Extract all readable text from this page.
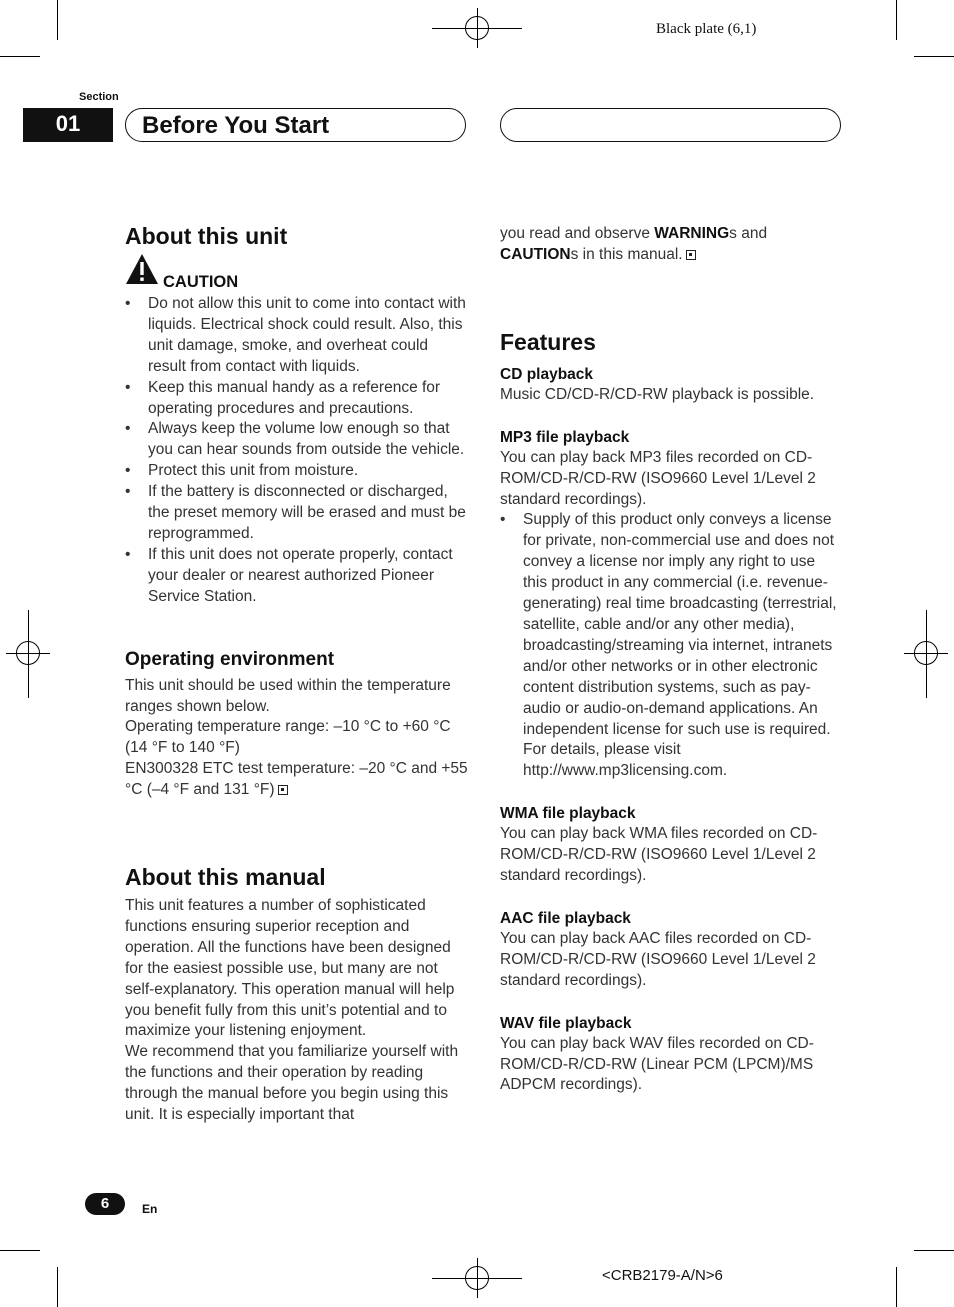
Black plate (6,1)
Section
01	Before You Start
About this unit
CAUTION
• Do not allow this unit to come into contact with liquids. Electrical shock could result. Also, this unit damage, smoke, and overheat could result from contact with liquids.
• Keep this manual handy as a reference for operating procedures and precautions.
• Always keep the volume low enough so that you can hear sounds from outside the vehicle.
• Protect this unit from moisture.
• If the battery is disconnected or discharged, the preset memory will be erased and must be reprogrammed.
• If this unit does not operate properly, contact your dealer or nearest authorized Pioneer Service Station.
Operating environment

This unit should be used within the temperature ranges shown below.

Operating temperature range: –10 °C to +60 °C (14 °F to 140 °F)

EN300328 ETC test temperature: –20 °C and +55 °C (–4 °F and 131 °F)

About this manual

This unit features a number of sophisticated functions ensuring superior reception and operation. All the functions have been designed for the easiest possible use, but many are not self-explanatory. This operation manual will help you benefit fully from this unit’s potential and to maximize your listening enjoyment.

We recommend that you familiarize yourself with the functions and their operation by reading through the manual before you begin using this unit. It is especially important that

you read and observe WARNINGs and CAUTIONs in this manual.

Features
CD playback

Music CD/CD-R/CD-RW playback is possible.

MP3 file playback

You can play back MP3 files recorded on CD-ROM/CD-R/CD-RW (ISO9660 Level 1/Level 2 standard recordings).

• Supply of this product only conveys a license for private, non-commercial use and does not convey a license nor imply any right to use this product in any commercial (i.e. revenue-generating) real time broadcasting (terrestrial, satellite, cable and/or any other media), broadcasting/streaming via internet, intranets and/or other networks or in other electronic content distribution systems, such as pay-audio or audio-on-demand applications. An independent license for such use is required. For details, please visit http://www.mp3licensing.com.
WMA file playback

You can play back WMA files recorded on CD-ROM/CD-R/CD-RW (ISO9660 Level 1/Level 2 standard recordings).

AAC file playback

You can play back AAC files recorded on CD-ROM/CD-R/CD-RW (ISO9660 Level 1/Level 2 standard recordings).

WAV file playback

You can play back WAV files recorded on CD-ROM/CD-R/CD-RW (Linear PCM (LPCM)/MS ADPCM recordings).

6	En
<CRB2179-A/N>6
